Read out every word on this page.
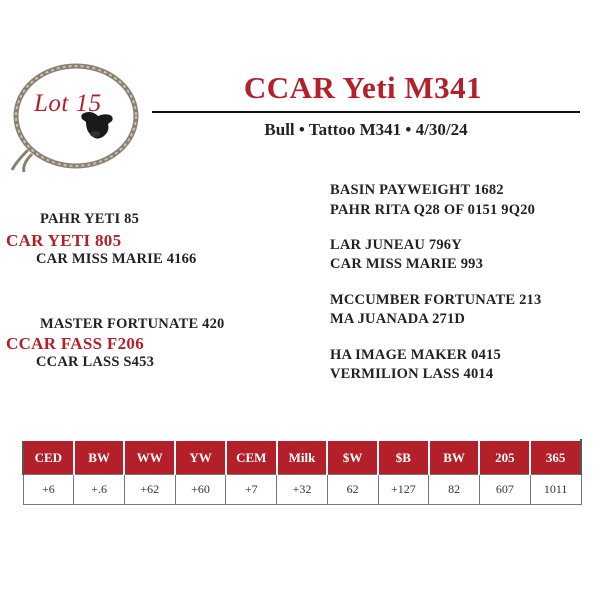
Lot 15	CCAR Yeti M341
Bull • Tattoo M341 • 4/30/24
PAHR YETI 85
CAR YETI 805
CAR MISS MARIE 4166
MASTER FORTUNATE 420
CCAR FASS F206
CCAR LASS S453
BASIN PAYWEIGHT 1682
PAHR RITA Q28 OF 0151 9Q20
LAR JUNEAU 796Y
CAR MISS MARIE 993
MCCUMBER FORTUNATE 213
MA JUANADA 271D
HA IMAGE MAKER 0415
VERMILION LASS 4014
CED	BW	WW	YW	CEM	Milk	$W	$B	BW	205	365
+6	+.6	+62	+60	+7	+32	62	+127	82	607	1011
